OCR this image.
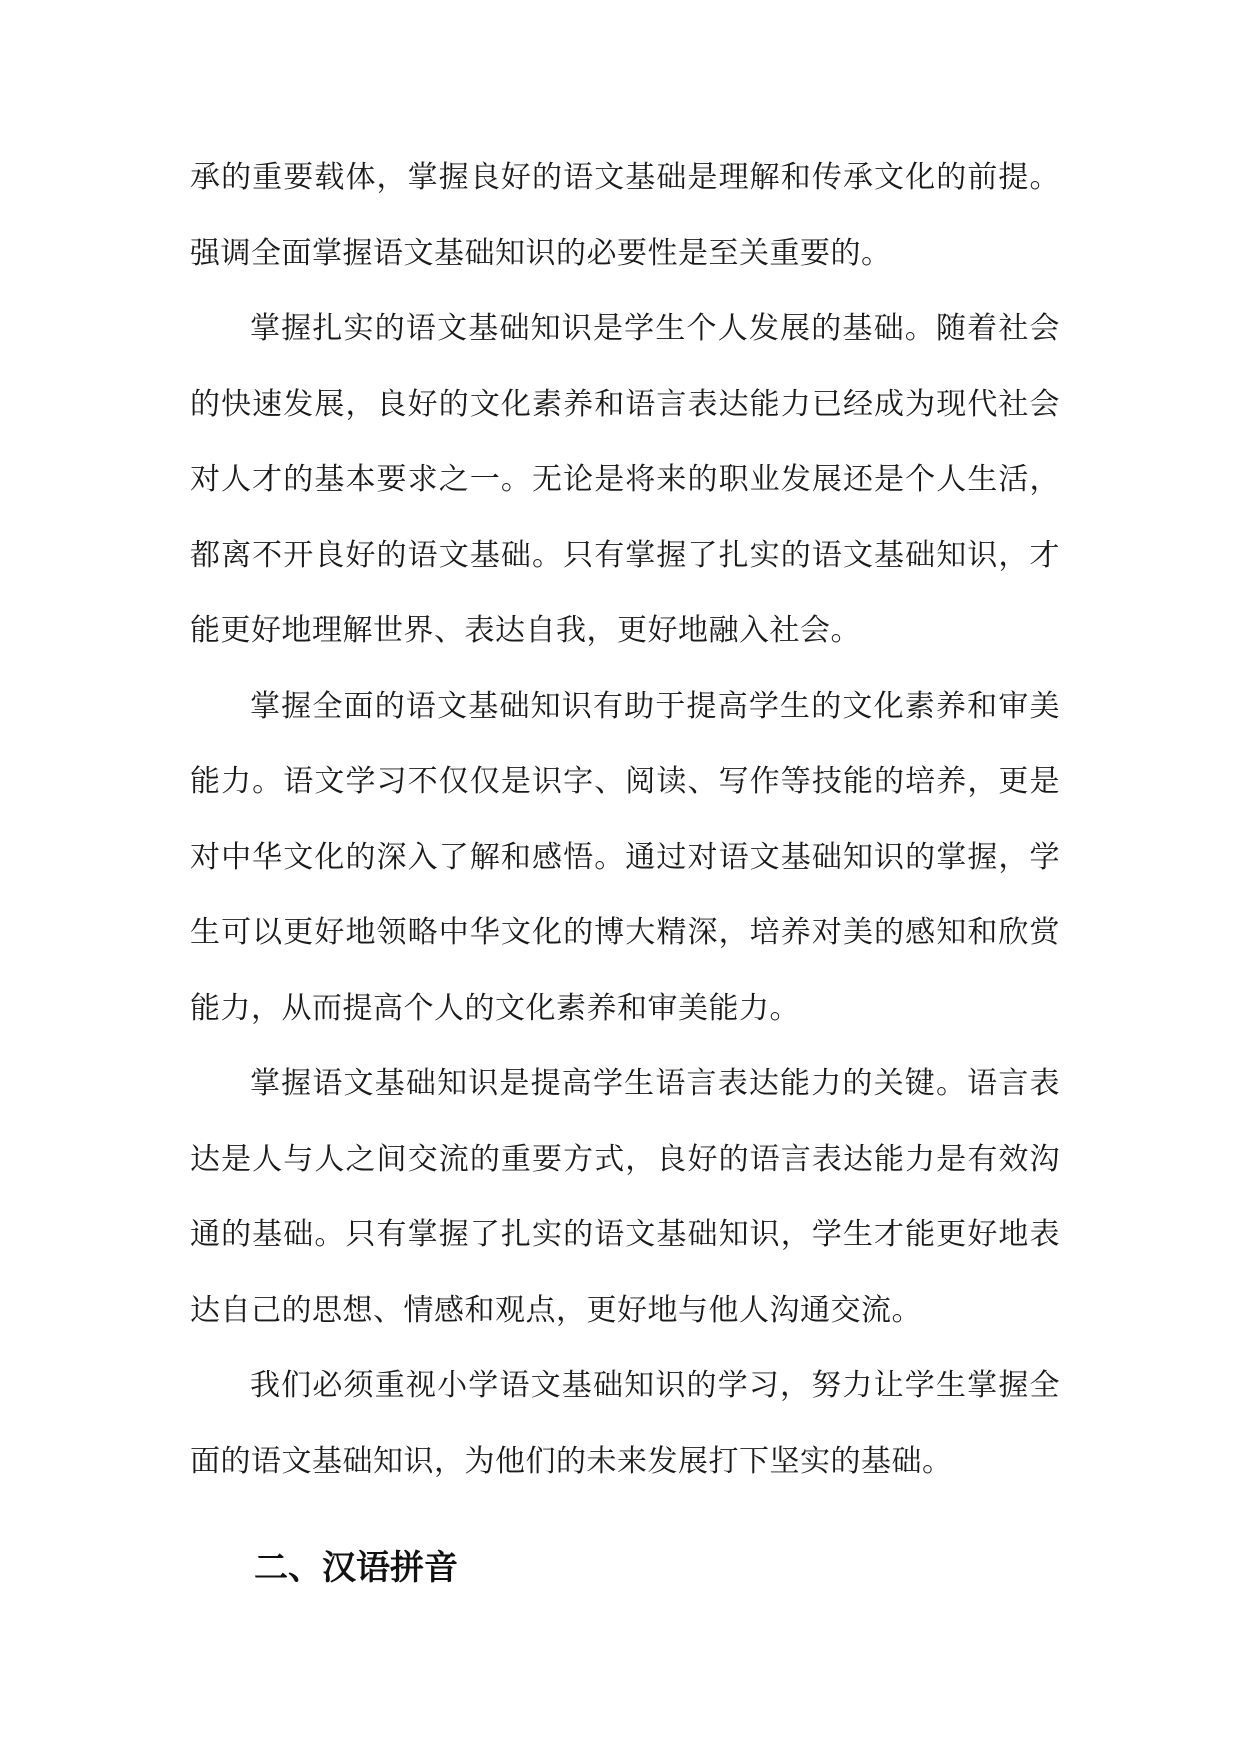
承的重要载体，掌握良好的语文基础是理解和传承文化的前提。强调全面掌握语文基础知识的必要性是至关重要的。

掌握扎实的语文基础知识是学生个人发展的基础。随着社会的快速发展，良好的文化素养和语言表达能力已经成为现代社会对人才的基本要求之一。无论是将来的职业发展还是个人生活，都离不开良好的语文基础。只有掌握了扎实的语文基础知识，才能更好地理解世界、表达自我，更好地融入社会。

掌握全面的语文基础知识有助于提高学生的文化素养和审美能力。语文学习不仅仅是识字、阅读、写作等技能的培养，更是对中华文化的深入了解和感悟。通过对语文基础知识的掌握，学生可以更好地领略中华文化的博大精深，培养对美的感知和欣赏能力，从而提高个人的文化素养和审美能力。

掌握语文基础知识是提高学生语言表达能力的关键。语言表达是人与人之间交流的重要方式，良好的语言表达能力是有效沟通的基础。只有掌握了扎实的语文基础知识，学生才能更好地表达自己的思想、情感和观点，更好地与他人沟通交流。

我们必须重视小学语文基础知识的学习，努力让学生掌握全面的语文基础知识，为他们的未来发展打下坚实的基础。

二、汉语拼音
